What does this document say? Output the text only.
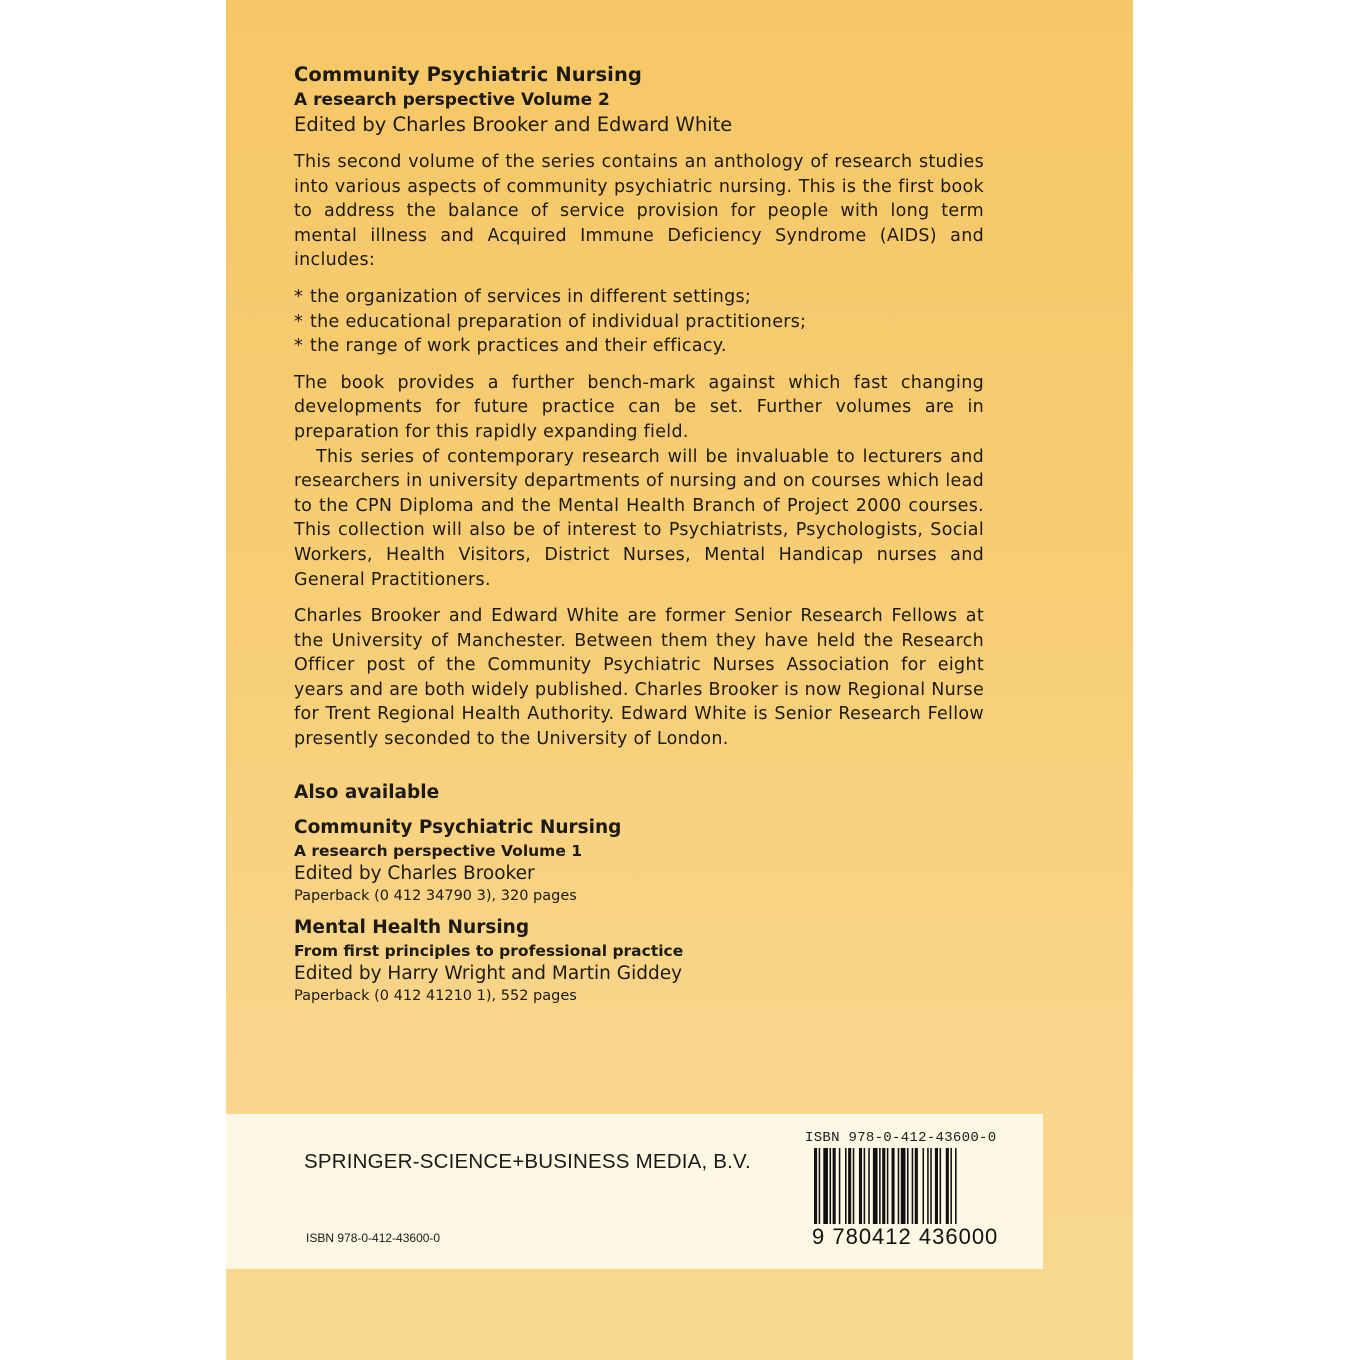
Community Psychiatric Nursing
A research perspective Volume 2
Edited by Charles Brooker and Edward White

This second volume of the series contains an anthology of research studies into various aspects of community psychiatric nursing. This is the first book to address the balance of service provision for people with long term mental illness and Acquired Immune Deficiency Syndrome (AIDS) and includes:

* the organization of services in different settings;
* the educational preparation of individual practitioners;
* the range of work practices and their efficacy.

The book provides a further bench-mark against which fast changing developments for future practice can be set. Further volumes are in preparation for this rapidly expanding field.

This series of contemporary research will be invaluable to lecturers and researchers in university departments of nursing and on courses which lead to the CPN Diploma and the Mental Health Branch of Project 2000 courses. This collection will also be of interest to Psychiatrists, Psychologists, Social Workers, Health Visitors, District Nurses, Mental Handicap nurses and General Practitioners.

Charles Brooker and Edward White are former Senior Research Fellows at the University of Manchester. Between them they have held the Research Officer post of the Community Psychiatric Nurses Association for eight years and are both widely published. Charles Brooker is now Regional Nurse for Trent Regional Health Authority. Edward White is Senior Research Fellow presently seconded to the University of London.

Also available
Community Psychiatric Nursing
A research perspective Volume 1
Edited by Charles Brooker
Paperback (0 412 34790 3), 320 pages
Mental Health Nursing
From first principles to professional practice
Edited by Harry Wright and Martin Giddey
Paperback (0 412 41210 1), 552 pages
SPRINGER-SCIENCE+BUSINESS MEDIA, B.V.
ISBN 978-0-412-43600-0
ISBN 978-0-412-43600-0
9 780412 436000
